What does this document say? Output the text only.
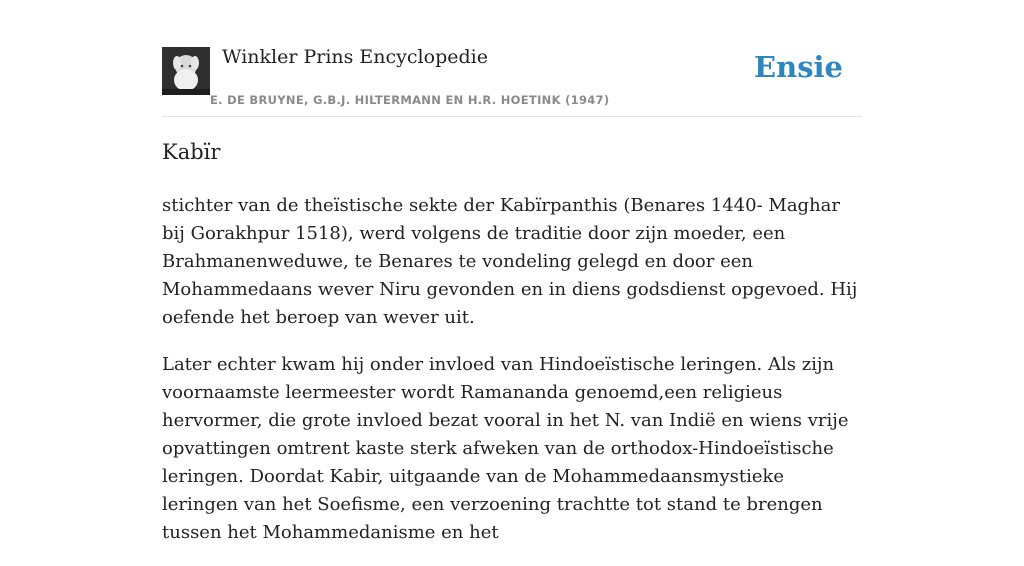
Winkler Prins Encyclopedie
E. DE BRUYNE, G.B.J. HILTERMANN EN H.R. HOETINK (1947)
Ensie
Kabïr

stichter van de theïstische sekte der Kabïrpanthis (Benares 1440- Maghar bij Gorakhpur 1518), werd volgens de traditie door zijn moeder, een Brahmanenweduwe, te Benares te vondeling gelegd en door een Mohammedaans wever Niru gevonden en in diens godsdienst opgevoed. Hij oefende het beroep van wever uit.

Later echter kwam hij onder invloed van Hindoeïstische leringen. Als zijn voornaamste leermeester wordt Ramananda genoemd,een religieus hervormer, die grote invloed bezat vooral in het N. van Indië en wiens vrije opvattingen omtrent kaste sterk afweken van de orthodox-Hindoeïstische leringen. Doordat Kabir, uitgaande van de Mohammedaansmystieke leringen van het Soefisme, een verzoening trachtte tot stand te brengen tussen het Mohammedanisme en het
